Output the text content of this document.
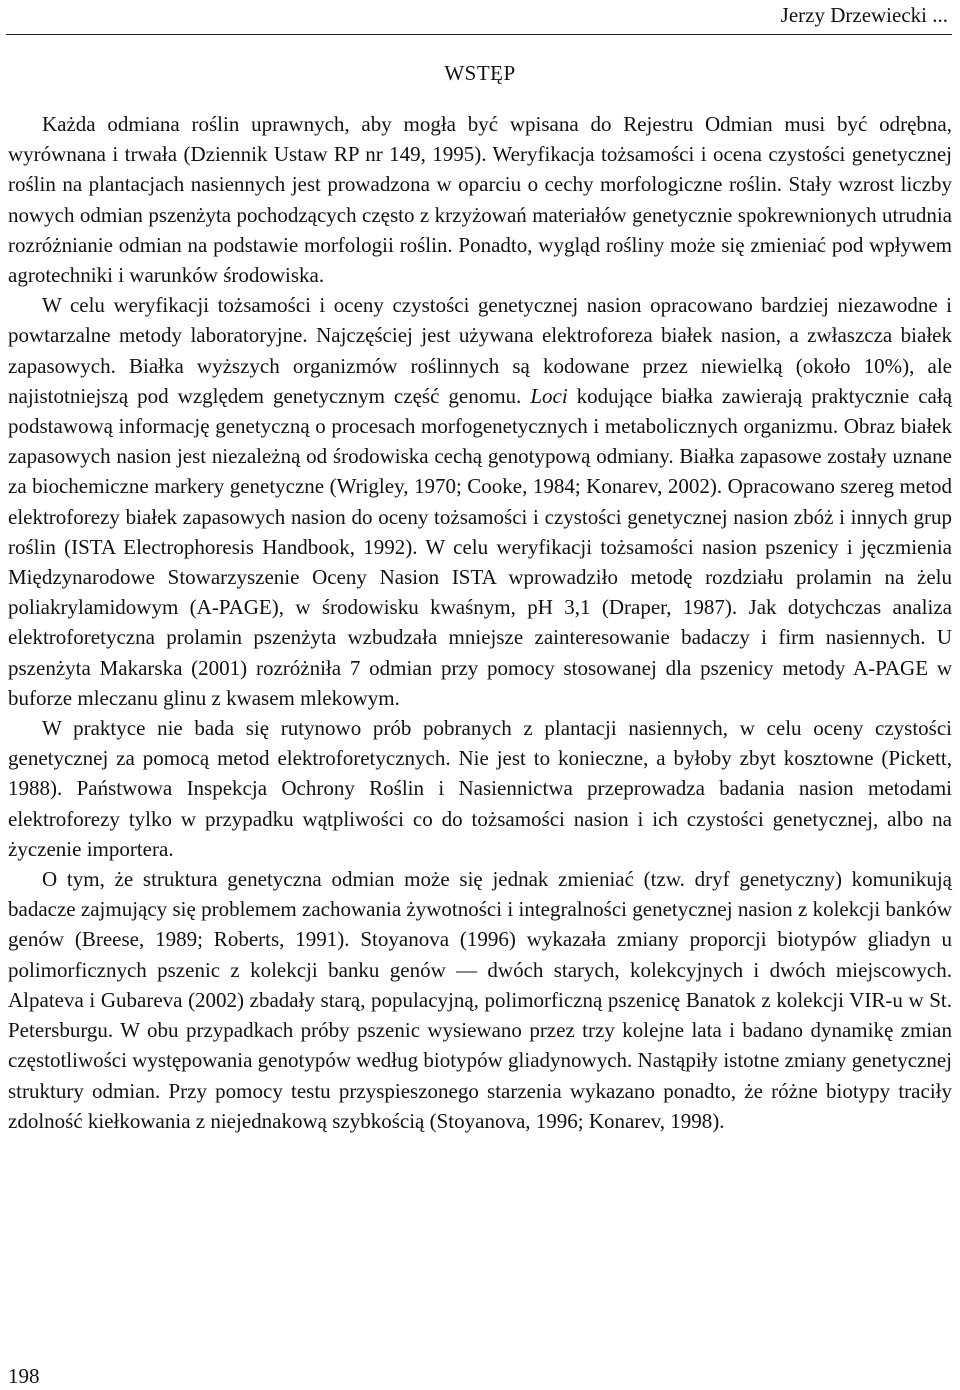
Jerzy Drzewiecki ...
WSTĘP

Każda odmiana roślin uprawnych, aby mogła być wpisana do Rejestru Odmian musi być odrębna, wyrównana i trwała (Dziennik Ustaw RP nr 149, 1995). Weryfikacja tożsamości i ocena czystości genetycznej roślin na plantacjach nasiennych jest prowadzona w oparciu o cechy morfologiczne roślin. Stały wzrost liczby nowych odmian pszenżyta pochodzących często z krzyżowań materiałów genetycznie spokrewnionych utrudnia rozróżnianie odmian na podstawie morfologii roślin. Ponadto, wygląd rośliny może się zmieniać pod wpływem agrotechniki i warunków środowiska.

W celu weryfikacji tożsamości i oceny czystości genetycznej nasion opracowano bardziej niezawodne i powtarzalne metody laboratoryjne. Najczęściej jest używana elektroforeza białek nasion, a zwłaszcza białek zapasowych. Białka wyższych organizmów roślinnych są kodowane przez niewielką (około 10%), ale najistotniejszą pod względem genetycznym część genomu. Loci kodujące białka zawierają praktycznie całą podstawową informację genetyczną o procesach morfogenetycznych i metabolicznych organizmu. Obraz białek zapasowych nasion jest niezależną od środowiska cechą genotypową odmiany. Białka zapasowe zostały uznane za biochemiczne markery genetyczne (Wrigley, 1970; Cooke, 1984; Konarev, 2002). Opracowano szereg metod elektroforezy białek zapasowych nasion do oceny tożsamości i czystości genetycznej nasion zbóż i innych grup roślin (ISTA Electrophoresis Handbook, 1992). W celu weryfikacji tożsamości nasion pszenicy i jęczmienia Międzynarodowe Stowarzyszenie Oceny Nasion ISTA wprowadziło metodę rozdziału prolamin na żelu poliakrylamidowym (A-PAGE), w środowisku kwaśnym, pH 3,1 (Draper, 1987). Jak dotychczas analiza elektroforetyczna prolamin pszenżyta wzbudzała mniejsze zainteresowanie badaczy i firm nasiennych. U pszenżyta Makarska (2001) rozróżniła 7 odmian przy pomocy stosowanej dla pszenicy metody A-PAGE w buforze mleczanu glinu z kwasem mlekowym.

W praktyce nie bada się rutynowo prób pobranych z plantacji nasiennych, w celu oceny czystości genetycznej za pomocą metod elektroforetycznych. Nie jest to konieczne, a byłoby zbyt kosztowne (Pickett, 1988). Państwowa Inspekcja Ochrony Roślin i Nasiennictwa przeprowadza badania nasion metodami elektroforezy tylko w przypadku wątpliwości co do tożsamości nasion i ich czystości genetycznej, albo na życzenie importera.

O tym, że struktura genetyczna odmian może się jednak zmieniać (tzw. dryf genetyczny) komunikują badacze zajmujący się problemem zachowania żywotności i integralności genetycznej nasion z kolekcji banków genów (Breese, 1989; Roberts, 1991). Stoyanova (1996) wykazała zmiany proporcji biotypów gliadyn u polimorficznych pszenic z kolekcji banku genów — dwóch starych, kolekcyjnych i dwóch miejscowych. Alpateva i Gubareva (2002) zbadały starą, populacyjną, polimorficzną pszenicę Banatok z kolekcji VIR-u w St. Petersburgu. W obu przypadkach próby pszenic wysiewano przez trzy kolejne lata i badano dynamikę zmian częstotliwości występowania genotypów według biotypów gliadynowych. Nastąpiły istotne zmiany genetycznej struktury odmian. Przy pomocy testu przyspieszonego starzenia wykazano ponadto, że różne biotypy traciły zdolność kiełkowania z niejednakową szybkością (Stoyanova, 1996; Konarev, 1998).

198
